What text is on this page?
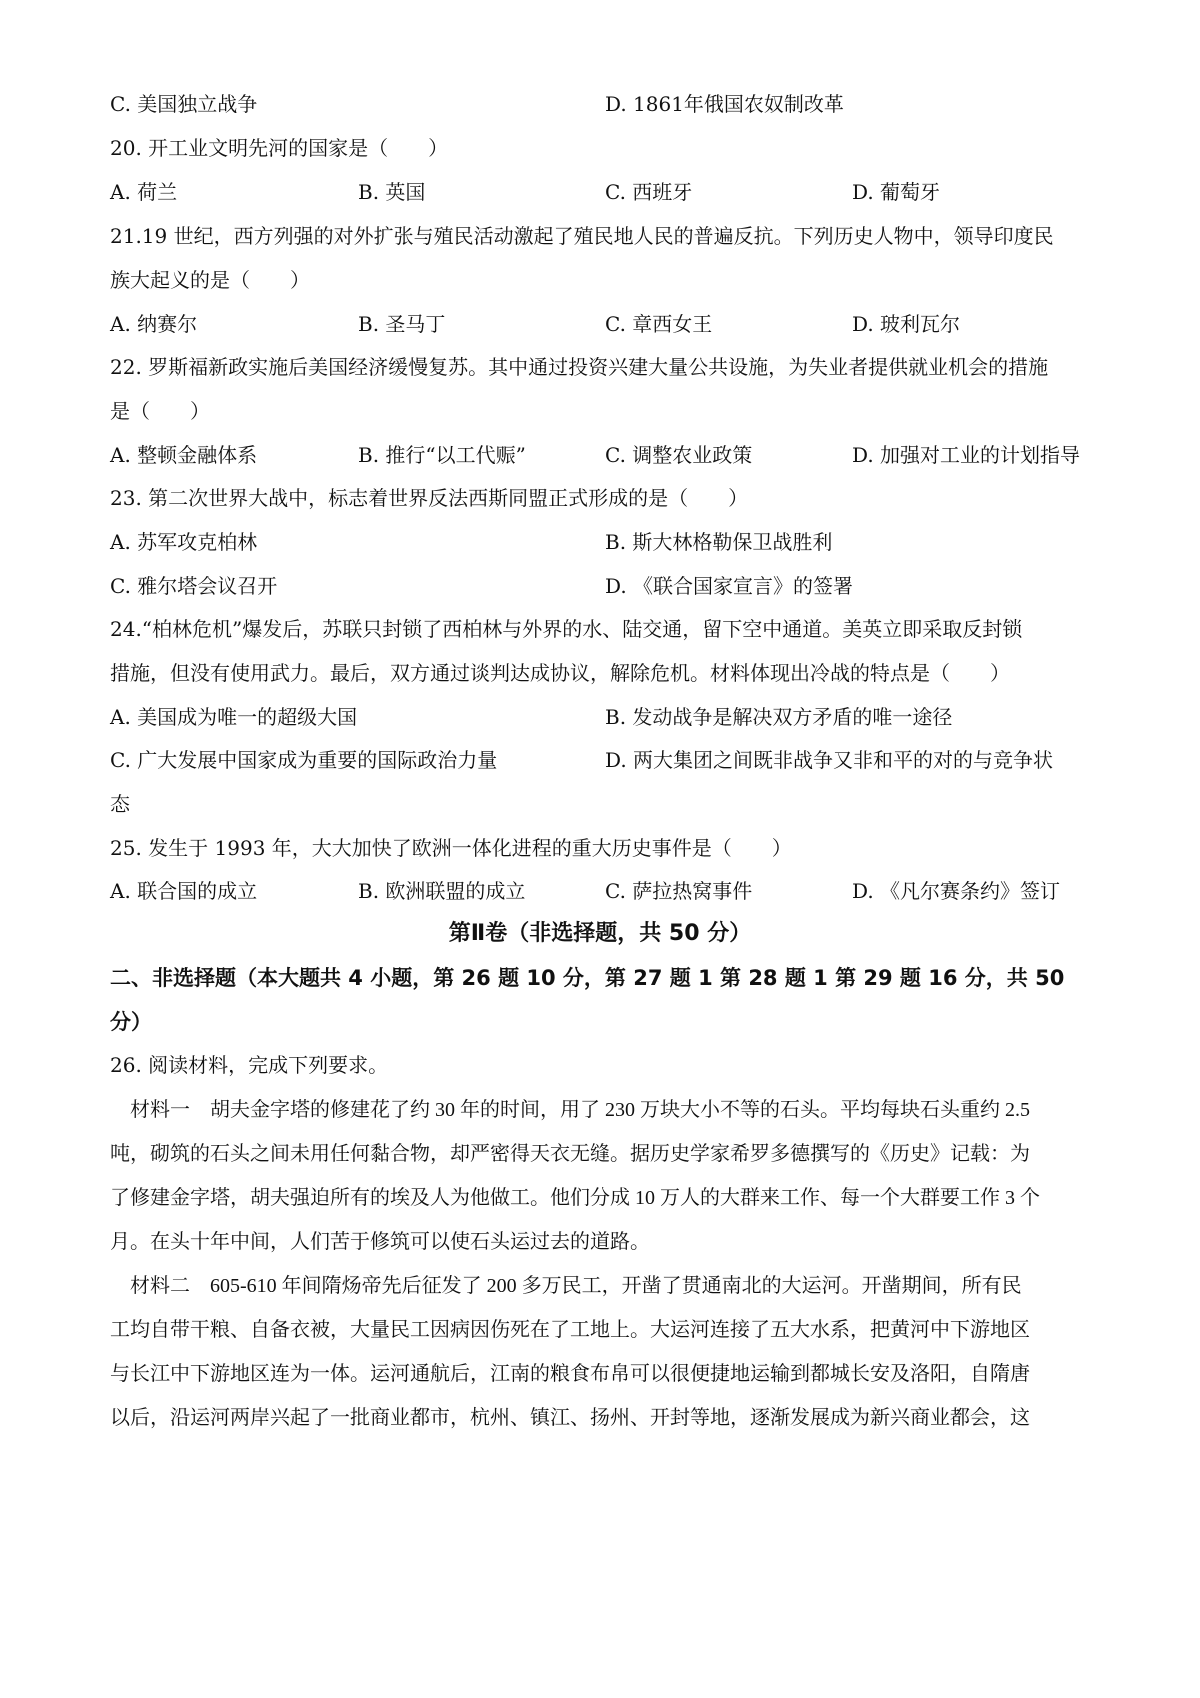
C. 美国独立战争	D. 1861年俄国农奴制改革
20. 开工业文明先河的国家是（　　）
A. 荷兰	B. 英国	C. 西班牙	D. 葡萄牙
21.19 世纪，西方列强的对外扩张与殖民活动激起了殖民地人民的普遍反抗。下列历史人物中，领导印度民
族大起义的是（　　）
A. 纳赛尔	B. 圣马丁	C. 章西女王	D. 玻利瓦尔
22. 罗斯福新政实施后美国经济缓慢复苏。其中通过投资兴建大量公共设施，为失业者提供就业机会的措施
是（　　）
A. 整顿金融体系	B. 推行“以工代赈”	C. 调整农业政策	D. 加强对工业的计划指导
23. 第二次世界大战中，标志着世界反法西斯同盟正式形成的是（　　）
A. 苏军攻克柏林	B. 斯大林格勒保卫战胜利
C. 雅尔塔会议召开	D. 《联合国家宣言》的签署
24.“柏林危机”爆发后，苏联只封锁了西柏林与外界的水、陆交通，留下空中通道。美英立即采取反封锁
措施，但没有使用武力。最后，双方通过谈判达成协议，解除危机。材料体现出冷战的特点是（　　）
A. 美国成为唯一的超级大国	B. 发动战争是解决双方矛盾的唯一途径
C. 广大发展中国家成为重要的国际政治力量	D. 两大集团之间既非战争又非和平的对的与竞争状
态
25. 发生于 1993 年，大大加快了欧洲一体化进程的重大历史事件是（　　）
A. 联合国的成立	B. 欧洲联盟的成立	C. 萨拉热窝事件	D. 《凡尔赛条约》签订
第Ⅱ卷（非选择题，共 50 分）
二、非选择题（本大题共 4 小题，第 26 题 10 分，第 27 题 1 第 28 题 1 第 29 题 16 分，共 50
分）
26. 阅读材料，完成下列要求。
　材料一　胡夫金字塔的修建花了约 30 年的时间，用了 230 万块大小不等的石头。平均每块石头重约 2.5
吨，砌筑的石头之间未用任何黏合物，却严密得天衣无缝。据历史学家希罗多德撰写的《历史》记载：为
了修建金字塔，胡夫强迫所有的埃及人为他做工。他们分成 10 万人的大群来工作、每一个大群要工作 3 个
月。在头十年中间，人们苦于修筑可以使石头运过去的道路。
　材料二　605-610 年间隋炀帝先后征发了 200 多万民工，开凿了贯通南北的大运河。开凿期间，所有民
工均自带干粮、自备衣被，大量民工因病因伤死在了工地上。大运河连接了五大水系，把黄河中下游地区
与长江中下游地区连为一体。运河通航后，江南的粮食布帛可以很便捷地运输到都城长安及洛阳，自隋唐
以后，沿运河两岸兴起了一批商业都市，杭州、镇江、扬州、开封等地，逐渐发展成为新兴商业都会，这
